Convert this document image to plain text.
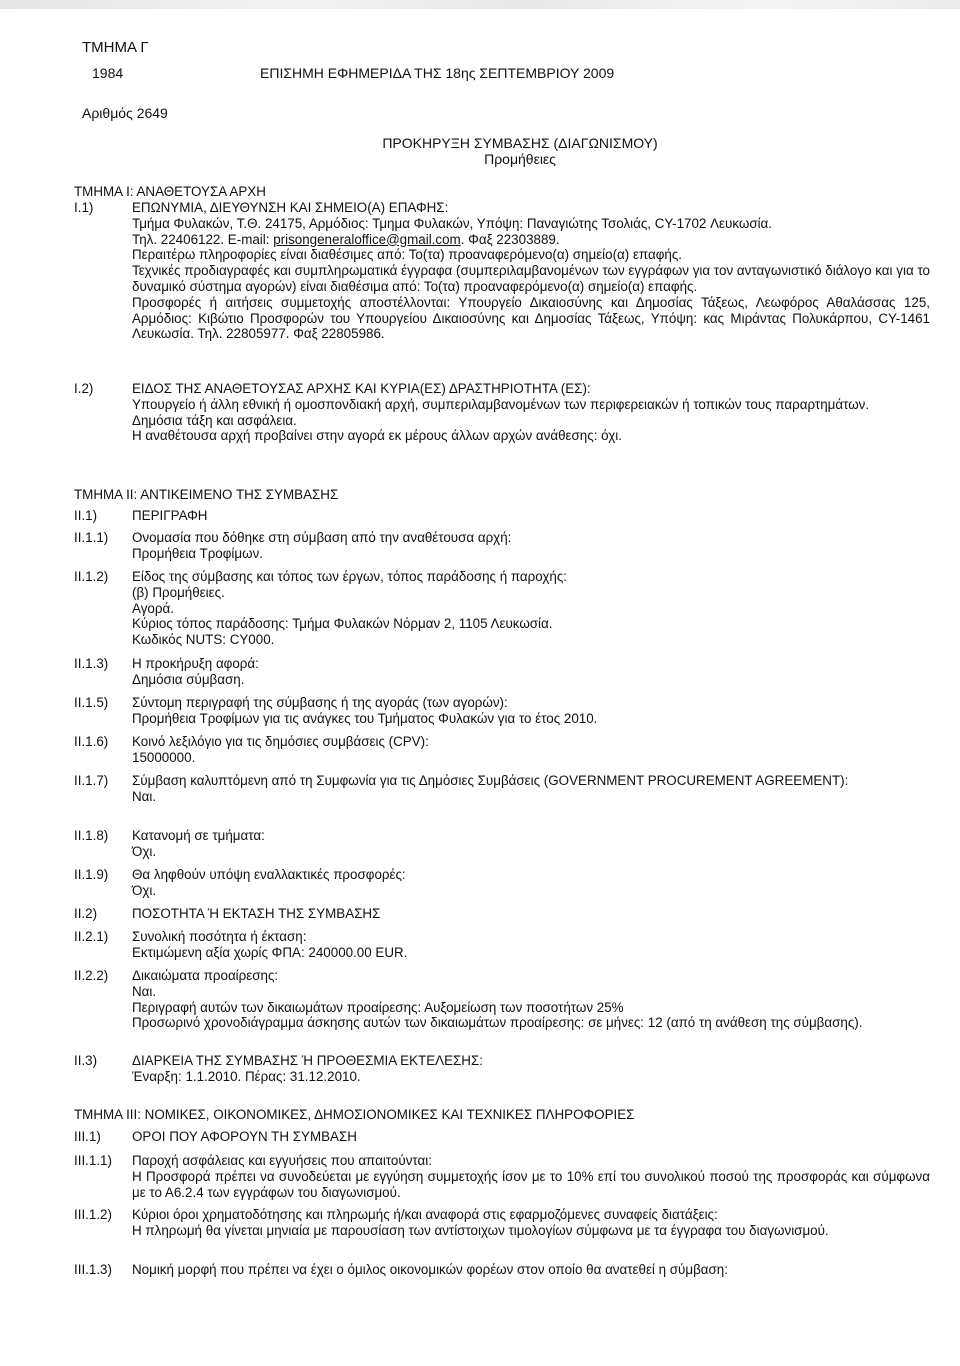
ΤΜΗΜΑ Γ
1984	ΕΠΙΣΗΜΗ ΕΦΗΜΕΡΙΔΑ ΤΗΣ 18ης ΣΕΠΤΕΜΒΡΙΟΥ 2009
Αριθμός 2649
ΠΡΟΚΗΡΥΞΗ ΣΥΜΒΑΣΗΣ (ΔΙΑΓΩΝΙΣΜΟΥ)
Προμήθειες
ΤΜΗΜΑ Ι: ΑΝΑΘΕΤΟΥΣΑ ΑΡΧΗ
I.1)	ΕΠΩΝΥΜΙΑ, ΔΙΕΥΘΥΝΣΗ ΚΑΙ ΣΗΜΕΙΟ(Α) ΕΠΑΦΗΣ:
Τμήμα Φυλακών, Τ.Θ. 24175, Αρμόδιος: Τμημα Φυλακών, Υπόψη: Παναγιώτης Τσολιάς, CY-1702 Λευκωσία.
Τηλ. 22406122. E-mail: prisongeneraloffice@gmail.com. Φαξ 22303889.
Περαιτέρω πληροφορίες είναι διαθέσιμες από: Το(τα) προαναφερόμενο(α) σημείο(α) επαφής.
Τεχνικές προδιαγραφές και συμπληρωματικά έγγραφα (συμπεριλαμβανομένων των εγγράφων για τον ανταγωνιστικό διάλογο και για το δυναμικό σύστημα αγορών) είναι διαθέσιμα από: Το(τα) προαναφερόμενο(α) σημείο(α) επαφής.
Προσφορές ή αιτήσεις συμμετοχής αποστέλλονται: Υπουργείο Δικαιοσύνης και Δημοσίας Τάξεως, Λεωφόρος Αθαλάσσας 125, Αρμόδιος: Κιβώτιο Προσφορών του Υπουργείου Δικαιοσύνης και Δημοσίας Τάξεως, Υπόψη: κας Μιράντας Πολυκάρπου, CY-1461 Λευκωσία. Τηλ. 22805977. Φαξ 22805986.
I.2)	ΕΙΔΟΣ ΤΗΣ ΑΝΑΘΕΤΟΥΣΑΣ ΑΡΧΗΣ ΚΑΙ ΚΥΡΙΑ(ΕΣ) ΔΡΑΣΤΗΡΙΟΤΗΤΑ (ΕΣ):
Υπουργείο ή άλλη εθνική ή ομοσπονδιακή αρχή, συμπεριλαμβανομένων των περιφερειακών ή τοπικών τους παραρτημάτων.
Δημόσια τάξη και ασφάλεια.
Η αναθέτουσα αρχή προβαίνει στην αγορά εκ μέρους άλλων αρχών ανάθεσης: όχι.
ΤΜΗΜΑ ΙΙ: ΑΝΤΙΚΕΙΜΕΝΟ ΤΗΣ ΣΥΜΒΑΣΗΣ
II.1)	ΠΕΡΙΓΡΑΦΗ
II.1.1)	Ονομασία που δόθηκε στη σύμβαση από την αναθέτουσα αρχή:
Προμήθεια Τροφίμων.
II.1.2)	Είδος της σύμβασης και τόπος των έργων, τόπος παράδοσης ή παροχής:
(β) Προμήθειες.
Αγορά.
Κύριος τόπος παράδοσης: Τμήμα Φυλακών Νόρμαν 2, 1105 Λευκωσία.
Κωδικός NUTS: CY000.
II.1.3)	Η προκήρυξη αφορά:
Δημόσια σύμβαση.
II.1.5)	Σύντομη περιγραφή της σύμβασης ή της αγοράς (των αγορών):
Προμήθεια Τροφίμων για τις ανάγκες του Τμήματος Φυλακών για το έτος 2010.
II.1.6)	Κοινό λεξιλόγιο για τις δημόσιες συμβάσεις (CPV):
15000000.
II.1.7)	Σύμβαση καλυπτόμενη από τη Συμφωνία για τις Δημόσιες Συμβάσεις (GOVERNMENT PROCUREMENT AGREEMENT):
Ναι.
II.1.8)	Κατανομή σε τμήματα:
Όχι.
II.1.9)	Θα ληφθούν υπόψη εναλλακτικές προσφορές:
Όχι.
II.2)	ΠΟΣΟΤΗΤΑ Ή ΕΚΤΑΣΗ ΤΗΣ ΣΥΜΒΑΣΗΣ
II.2.1)	Συνολική ποσότητα ή έκταση:
Εκτιμώμενη αξία χωρίς ΦΠΑ: 240000.00 EUR.
II.2.2)	Δικαιώματα προαίρεσης:
Ναι.
Περιγραφή αυτών των δικαιωμάτων προαίρεσης: Αυξομείωση των ποσοτήτων 25%
Προσωρινό χρονοδιάγραμμα άσκησης αυτών των δικαιωμάτων προαίρεσης: σε μήνες: 12 (από τη ανάθεση της σύμβασης).
II.3)	ΔΙΑΡΚΕΙΑ ΤΗΣ ΣΥΜΒΑΣΗΣ Ή ΠΡΟΘΕΣΜΙΑ ΕΚΤΕΛΕΣΗΣ:
Έναρξη: 1.1.2010. Πέρας: 31.12.2010.
ΤΜΗΜΑ III: ΝΟΜΙΚΕΣ, ΟΙΚΟΝΟΜΙΚΕΣ, ΔΗΜΟΣΙΟΝΟΜΙΚΕΣ ΚΑΙ ΤΕΧΝΙΚΕΣ ΠΛΗΡΟΦΟΡΙΕΣ
III.1)	ΟΡΟΙ ΠΟΥ ΑΦΟΡΟΥΝ ΤΗ ΣΥΜΒΑΣΗ
III.1.1)	Παροχή ασφάλειας και εγγυήσεις που απαιτούνται:
Η Προσφορά πρέπει να συνοδεύεται με εγγύηση συμμετοχής ίσον με το 10% επί του συνολικού ποσού της προσφοράς και σύμφωνα με το Α6.2.4 των εγγράφων του διαγωνισμού.
III.1.2)	Κύριοι όροι χρηματοδότησης και πληρωμής ή/και αναφορά στις εφαρμοζόμενες συναφείς διατάξεις:
Η πληρωμή θα γίνεται μηνιαία με παρουσίαση των αντίστοιχων τιμολογίων σύμφωνα με τα έγγραφα του διαγωνισμού.
III.1.3)	Νομική μορφή που πρέπει να έχει ο όμιλος οικονομικών φορέων στον οποίο θα ανατεθεί η σύμβαση:
